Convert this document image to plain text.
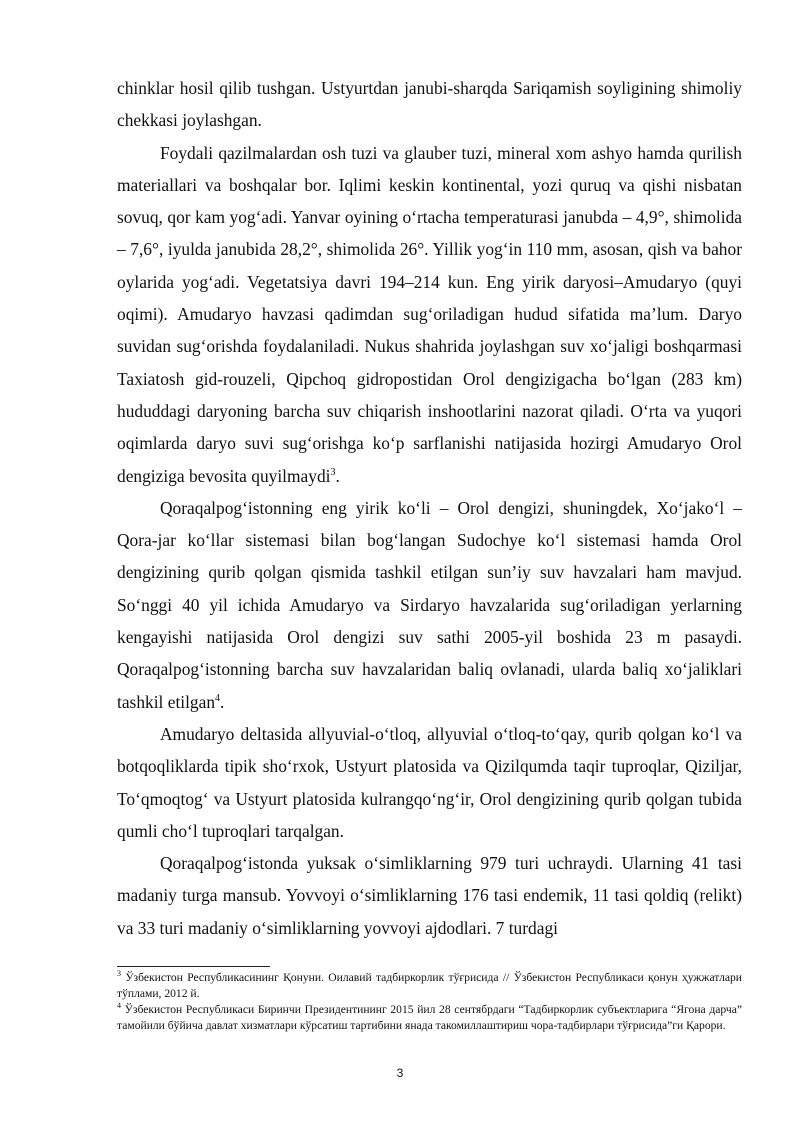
chinklar hosil qilib tushgan. Ustyurtdan janubi-sharqda Sariqamish soyligining shimoliy chekkasi joylashgan.

Foydali qazilmalardan osh tuzi va glauber tuzi, mineral xom ashyo hamda qurilish materiallari va boshqalar bor. Iqlimi keskin kontinental, yozi quruq va qishi nisbatan sovuq, qor kam yog‘adi. Yanvar oyining o‘rtacha temperaturasi janubda – 4,9°, shimolida – 7,6°, iyulda janubida 28,2°, shimolida 26°. Yillik yog‘in 110 mm, asosan, qish va bahor oylarida yog‘adi. Vegetatsiya davri 194–214 kun. Eng yirik daryosi–Amudaryo (quyi oqimi). Amudaryo havzasi qadimdan sug‘oriladigan hudud sifatida ma’lum. Daryo suvidan sug‘orishda foydalaniladi. Nukus shahrida joylashgan suv xo‘jaligi boshqarmasi Taxiatosh gid-rouzeli, Qipchoq gidropostidan Orol dengizigacha bo‘lgan (283 km) hududdagi daryoning barcha suv chiqarish inshootlarini nazorat qiladi. O‘rta va yuqori oqimlarda daryo suvi sug‘orishga ko‘p sarflanishi natijasida hozirgi Amudaryo Orol dengiziga bevosita quyilmaydi$^3$.

Qoraqalpog‘istonning eng yirik ko‘li – Orol dengizi, shuningdek, Xo‘jako‘l – Qora-jar ko‘llar sistemasi bilan bog‘langan Sudochye ko‘l sistemasi hamda Orol dengizining qurib qolgan qismida tashkil etilgan sun’iy suv havzalari ham mavjud. So‘nggi 40 yil ichida Amudaryo va Sirdaryo havzalarida sug‘oriladigan yerlarning kengayishi natijasida Orol dengizi suv sathi 2005-yil boshida 23 m pasaydi. Qoraqalpog‘istonning barcha suv havzalaridan baliq ovlanadi, ularda baliq xo‘jaliklari tashkil etilgan$^4$.

Amudaryo deltasida allyuvial-o‘tloq, allyuvial o‘tloq-to‘qay, qurib qolgan ko‘l va botqoqliklarda tipik sho‘rxok, Ustyurt platosida va Qizilqumda taqir tuproqlar, Qiziljar, To‘qmoqtog‘ va Ustyurt platosida kulrangqo‘ng‘ir, Orol dengizining qurib qolgan tubida qumli cho‘l tuproqlari tarqalgan.

Qoraqalpog‘istonda yuksak o‘simliklarning 979 turi uchraydi. Ularning 41 tasi madaniy turga mansub. Yovvoyi o‘simliklarning 176 tasi endemik, 11 tasi qoldiq (relikt) va 33 turi madaniy o‘simliklarning yovvoyi ajdodlari. 7 turdagi

$^3$ Ўзбекистон Республикасининг Қонуни. Оилавий тадбиркорлик тўғрисида // Ўзбекистон Республикаси қонун ҳужжатлари тўплами, 2012 й.

$^4$ Ўзбекистон Республикаси Биринчи Президентининг 2015 йил 28 сентябрдаги “Тадбиркорлик субъектларига “Ягона дарча” тамойили бўйича давлат хизматлари кўрсатиш тартибини янада такомиллаштириш чора-тадбирлари тўғрисида”ги Қарори.

3
